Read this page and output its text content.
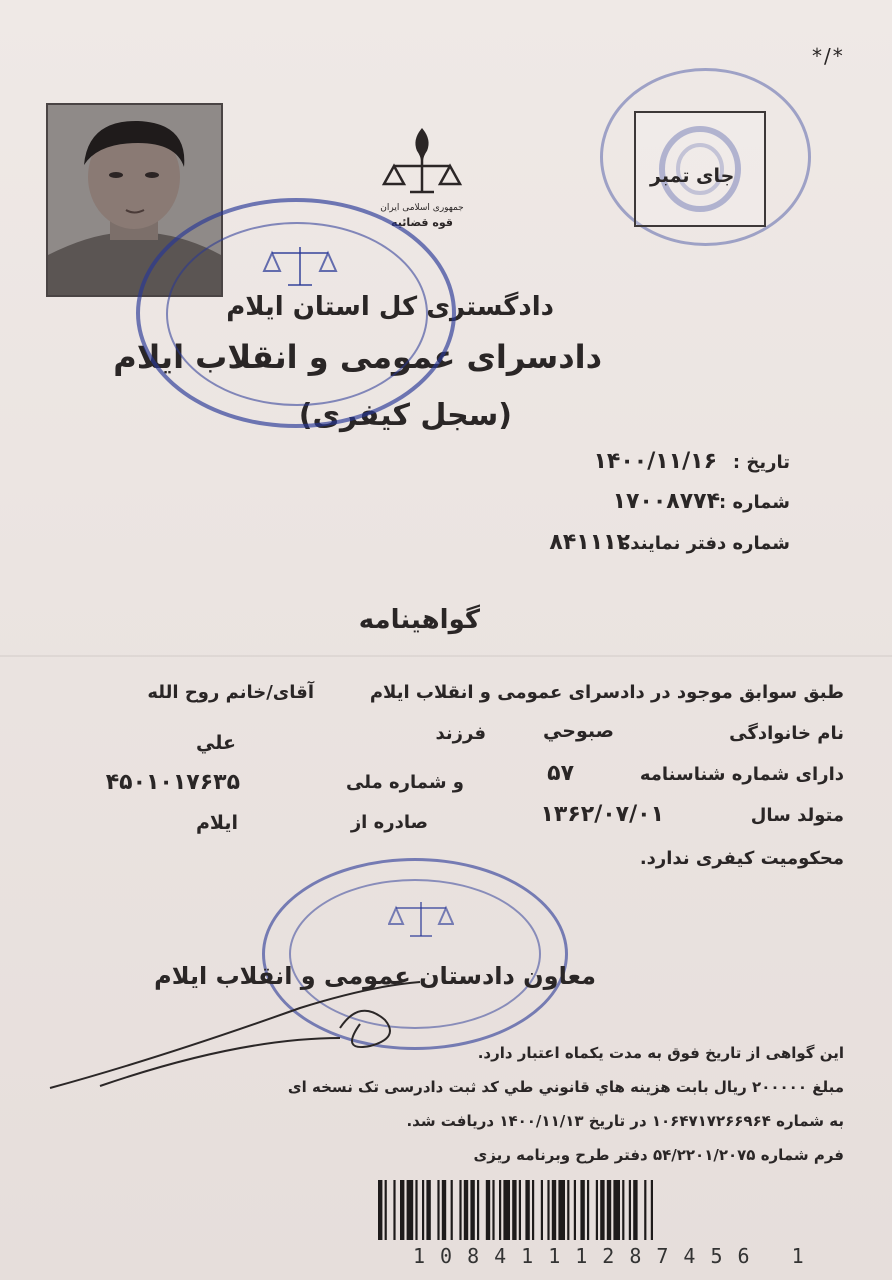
*/*
جمهوری اسلامی ایران
قوه قضائیه
جای تمبر
دادگستری کل استان ایلام
دادسرای عمومی و انقلاب ایلام
(سجل کیفری)
تاریخ :
۱۴۰۰/۱۱/۱۶
شماره :
۱۷۰۰۸۷۷۴
شماره دفتر نماینده :
۸۴۱۱۱۲
گواهینامه
طبق سوابق موجود در دادسرای عمومی و انقلاب ایلام
آقای/خانم روح الله
نام خانوادگی
صبوحي
فرزند
علي
دارای شماره شناسنامه
۵۷
و شماره ملی
۴۵۰۱۰۱۷۶۳۵
متولد سال
۱۳۶۲/۰۷/۰۱
صادره از
ایلام
محکومیت کیفری ندارد.
معاون دادستان عمومی و انقلاب ایلام
این گواهی از تاریخ فوق به مدت یکماه اعتبار دارد.
مبلغ ۲۰۰۰۰۰ ریال بابت هزینه هاي قانوني طي کد ثبت دادرسی تک نسخه ای
به شماره ۱۰۶۴۷۱۷۲۶۶۹۶۴ در تاریخ ۱۴۰۰/۱۱/۱۳ دریافت شد.
فرم شماره ۵۴/۲۲۰۱/۲۰۷۵ دفتر طرح وبرنامه ریزی
1084111287456 1
